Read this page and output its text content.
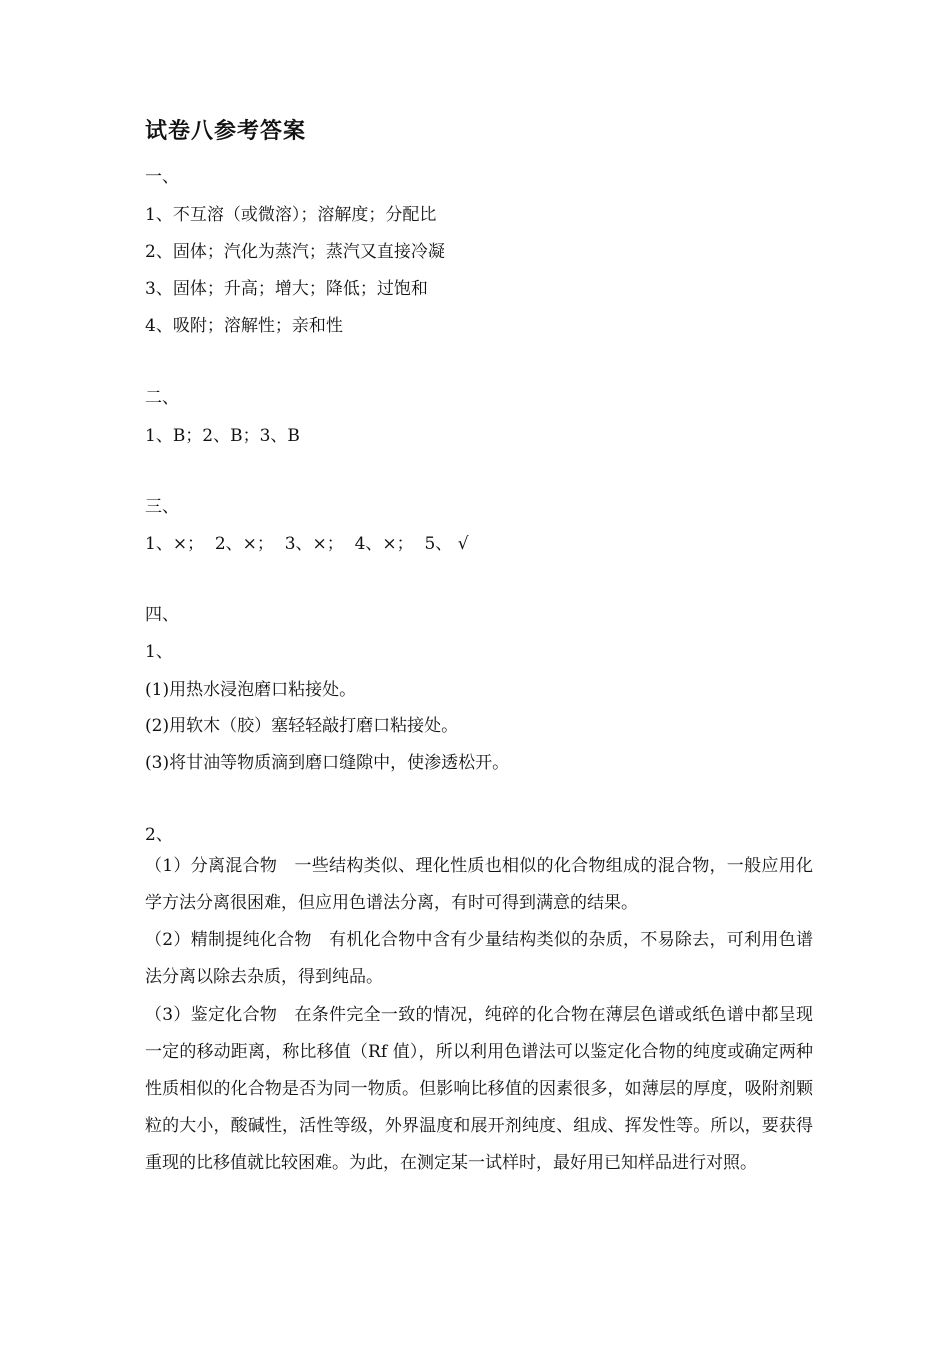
试卷八参考答案
一、
1、不互溶（或微溶）；溶解度；分配比
2、固体；汽化为蒸汽；蒸汽又直接冷凝
3、固体；升高；增大；降低；过饱和
4、吸附；溶解性；亲和性
二、
1、B；2、B；3、B
三、
1、×；  2、×；  3、×；  4、×；  5、 √
四、
1、
(1)用热水浸泡磨口粘接处。
(2)用软木（胶）塞轻轻敲打磨口粘接处。
(3)将甘油等物质滴到磨口缝隙中，使渗透松开。
2、
（1）分离混合物　一些结构类似、理化性质也相似的化合物组成的混合物，一般应用化学方法分离很困难，但应用色谱法分离，有时可得到满意的结果。
（2）精制提纯化合物　有机化合物中含有少量结构类似的杂质，不易除去，可利用色谱法分离以除去杂质，得到纯品。
（3）鉴定化合物　在条件完全一致的情况，纯碎的化合物在薄层色谱或纸色谱中都呈现一定的移动距离，称比移值（Rf 值），所以利用色谱法可以鉴定化合物的纯度或确定两种性质相似的化合物是否为同一物质。但影响比移值的因素很多，如薄层的厚度，吸附剂颗粒的大小，酸碱性，活性等级，外界温度和展开剂纯度、组成、挥发性等。所以，要获得重现的比移值就比较困难。为此，在测定某一试样时，最好用已知样品进行对照。
